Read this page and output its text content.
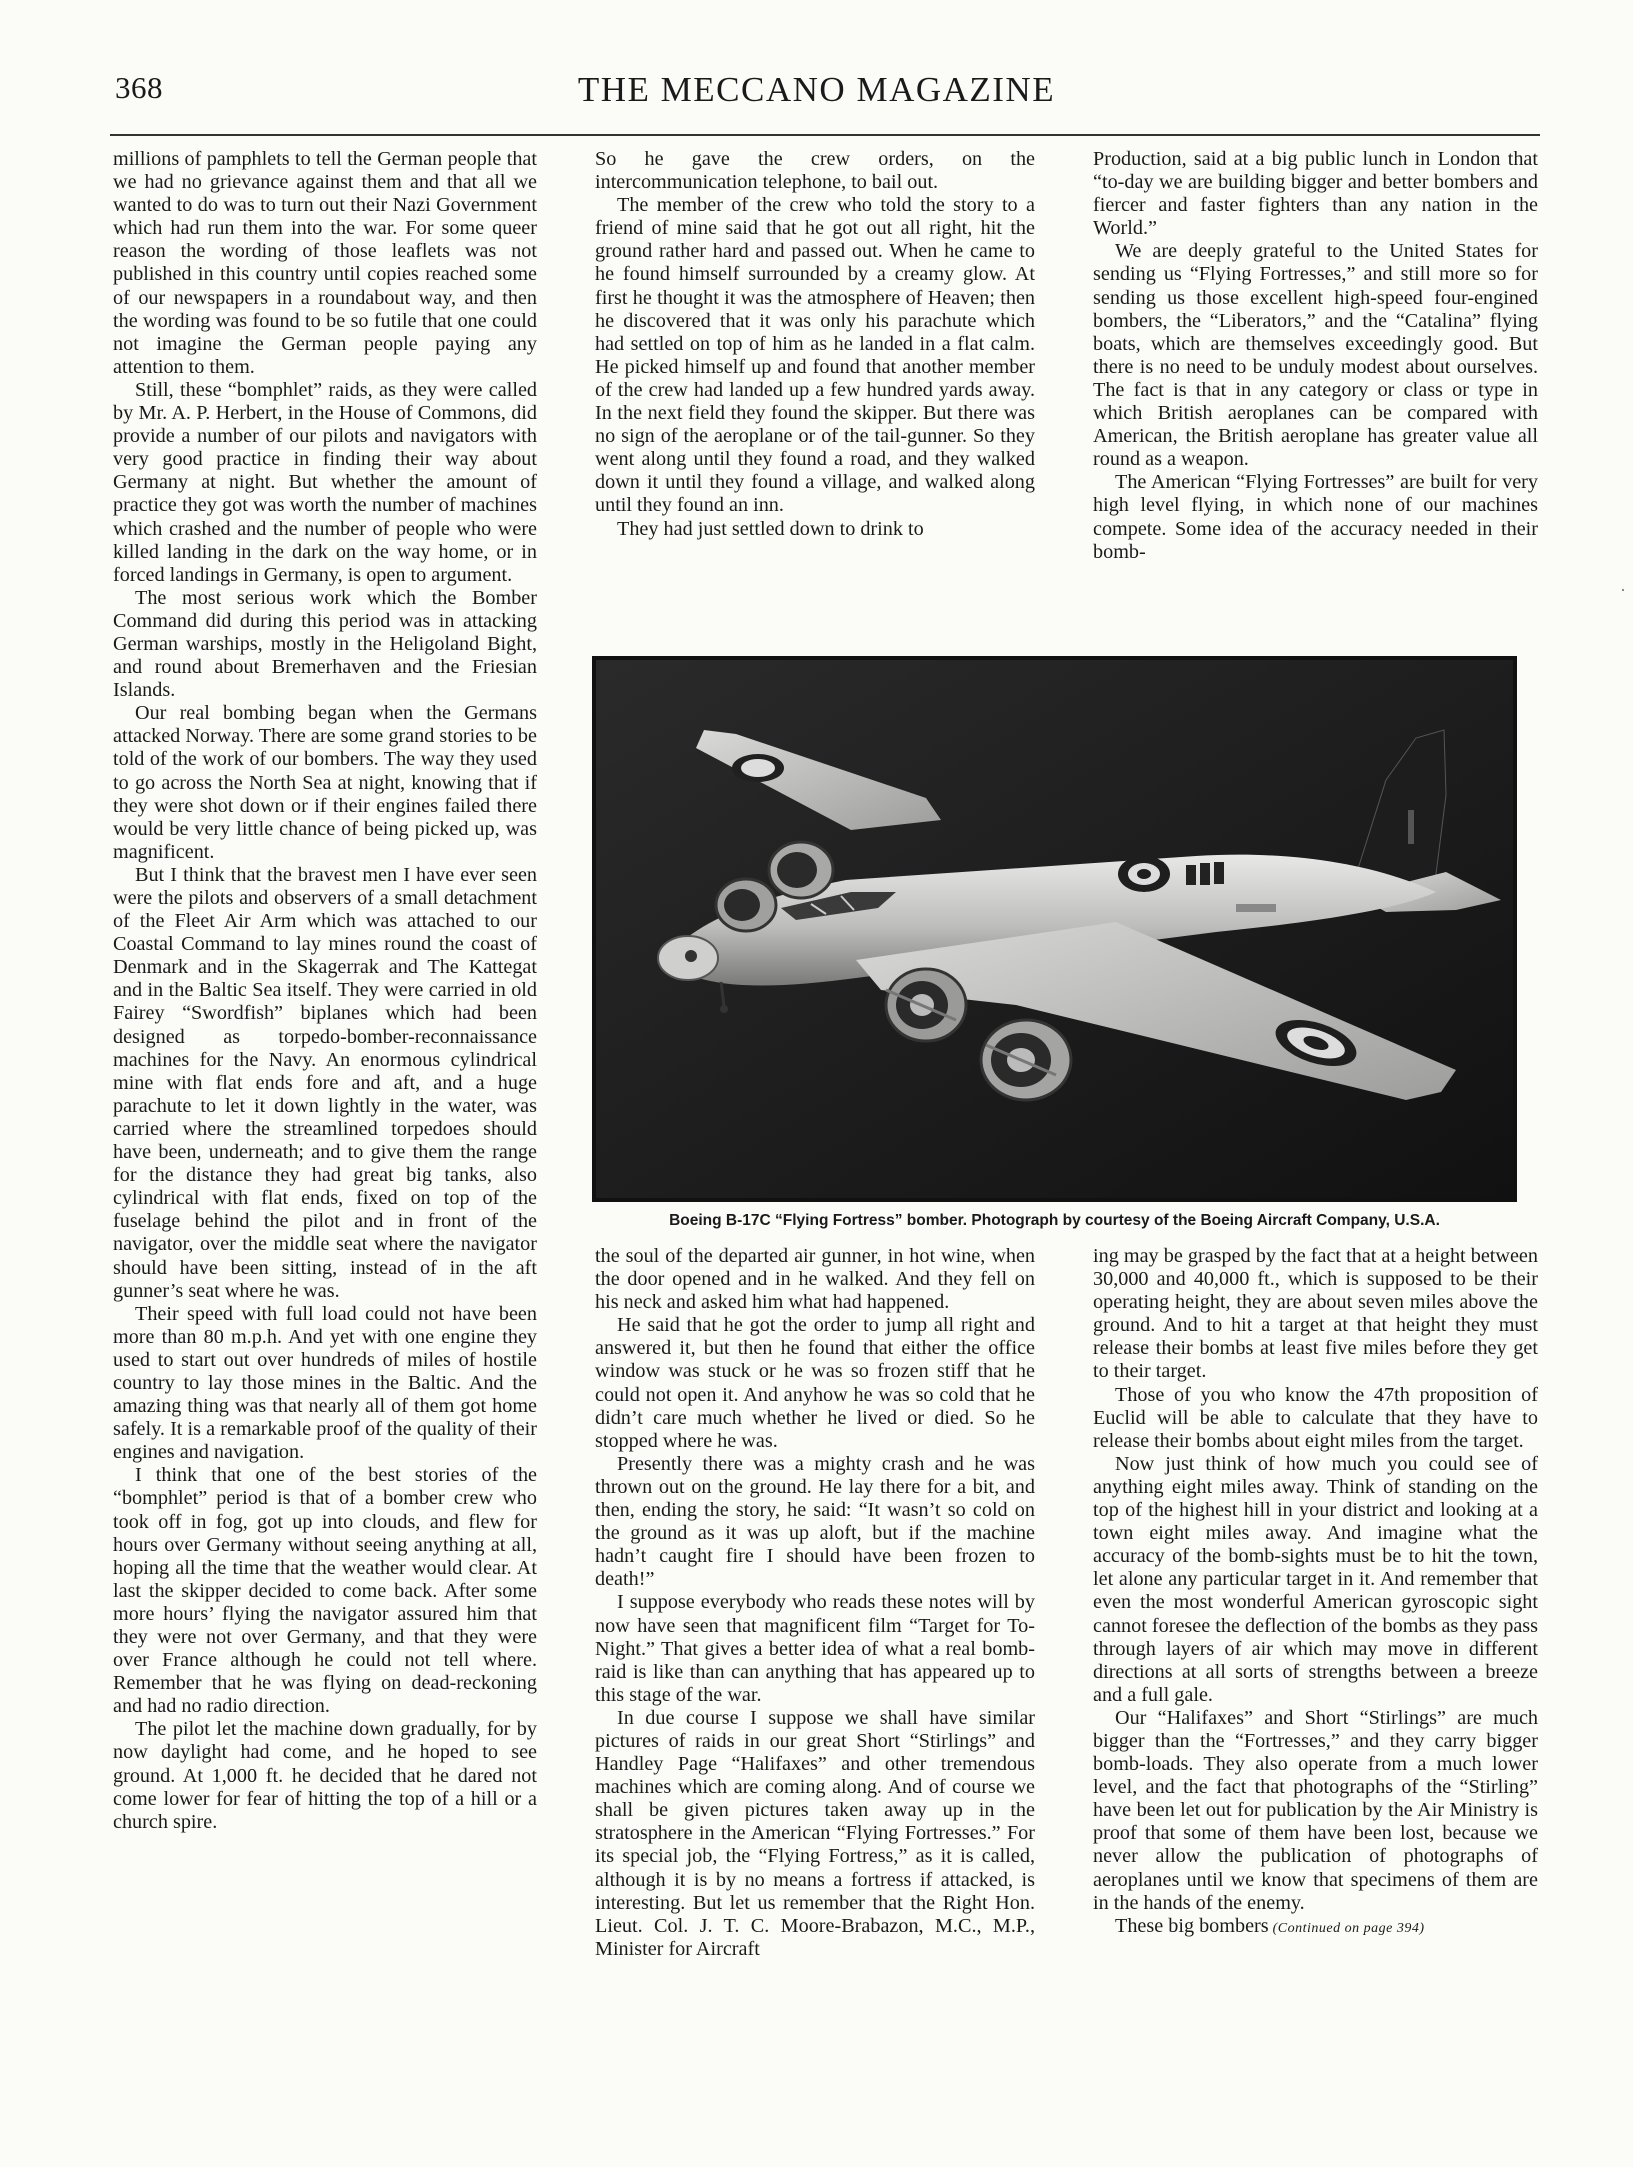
368	THE MECCANO MAGAZINE

millions of pamphlets to tell the German people that we had no grievance against them and that all we wanted to do was to turn out their Nazi Government which had run them into the war. For some queer reason the wording of those leaflets was not published in this country until copies reached some of our newspapers in a roundabout way, and then the wording was found to be so futile that one could not imagine the German people paying any attention to them.

Still, these “bomphlet” raids, as they were called by Mr. A. P. Herbert, in the House of Commons, did provide a number of our pilots and navigators with very good practice in finding their way about Germany at night. But whether the amount of practice they got was worth the number of machines which crashed and the number of people who were killed landing in the dark on the way home, or in forced landings in Germany, is open to argument.

The most serious work which the Bomber Command did during this period was in attacking German warships, mostly in the Heligoland Bight, and round about Bremerhaven and the Friesian Islands.

Our real bombing began when the Germans attacked Norway. There are some grand stories to be told of the work of our bombers. The way they used to go across the North Sea at night, knowing that if they were shot down or if their engines failed there would be very little chance of being picked up, was magnificent.

But I think that the bravest men I have ever seen were the pilots and observers of a small detachment of the Fleet Air Arm which was attached to our Coastal Command to lay mines round the coast of Denmark and in the Skagerrak and The Kattegat and in the Baltic Sea itself. They were carried in old Fairey “Swordfish” biplanes which had been designed as torpedo-bomber-reconnaissance machines for the Navy. An enormous cylindrical mine with flat ends fore and aft, and a huge parachute to let it down lightly in the water, was carried where the streamlined torpedoes should have been, underneath; and to give them the range for the distance they had great big tanks, also cylindrical with flat ends, fixed on top of the fuselage behind the pilot and in front of the navigator, over the middle seat where the navigator should have been sitting, instead of in the aft gunner’s seat where he was.

Their speed with full load could not have been more than 80 m.p.h. And yet with one engine they used to start out over hundreds of miles of hostile country to lay those mines in the Baltic. And the amazing thing was that nearly all of them got home safely. It is a remarkable proof of the quality of their engines and navigation.

I think that one of the best stories of the “bomphlet” period is that of a bomber crew who took off in fog, got up into clouds, and flew for hours over Germany without seeing anything at all, hoping all the time that the weather would clear. At last the skipper decided to come back. After some more hours’ flying the navigator assured him that they were not over Germany, and that they were over France although he could not tell where. Remember that he was flying on dead-reckoning and had no radio direction.

The pilot let the machine down gradually, for by now daylight had come, and he hoped to see ground. At 1,000 ft. he decided that he dared not come lower for fear of hitting the top of a hill or a church spire.

So he gave the crew orders, on the intercommunication telephone, to bail out.

The member of the crew who told the story to a friend of mine said that he got out all right, hit the ground rather hard and passed out. When he came to he found himself surrounded by a creamy glow. At first he thought it was the atmosphere of Heaven; then he discovered that it was only his parachute which had settled on top of him as he landed in a flat calm. He picked himself up and found that another member of the crew had landed up a few hundred yards away. In the next field they found the skipper. But there was no sign of the aeroplane or of the tail-gunner. So they went along until they found a road, and they walked down it until they found a village, and walked along until they found an inn.

They had just settled down to drink to

Production, said at a big public lunch in London that “to-day we are building bigger and better bombers and fiercer and faster fighters than any nation in the World.”

We are deeply grateful to the United States for sending us “Flying Fortresses,” and still more so for sending us those excellent high-speed four-engined bombers, the “Liberators,” and the “Catalina” flying boats, which are themselves exceedingly good. But there is no need to be unduly modest about ourselves. The fact is that in any category or class or type in which British aeroplanes can be compared with American, the British aeroplane has greater value all round as a weapon.

The American “Flying Fortresses” are built for very high level flying, in which none of our machines compete. Some idea of the accuracy needed in their bomb-

Boeing B-17C “Flying Fortress” bomber. Photograph by courtesy of the Boeing Aircraft Company, U.S.A.

the soul of the departed air gunner, in hot wine, when the door opened and in he walked. And they fell on his neck and asked him what had happened.

He said that he got the order to jump all right and answered it, but then he found that either the office window was stuck or he was so frozen stiff that he could not open it. And anyhow he was so cold that he didn’t care much whether he lived or died. So he stopped where he was.

Presently there was a mighty crash and he was thrown out on the ground. He lay there for a bit, and then, ending the story, he said: “It wasn’t so cold on the ground as it was up aloft, but if the machine hadn’t caught fire I should have been frozen to death!”

I suppose everybody who reads these notes will by now have seen that magnificent film “Target for To-Night.” That gives a better idea of what a real bomb-raid is like than can anything that has appeared up to this stage of the war.

In due course I suppose we shall have similar pictures of raids in our great Short “Stirlings” and Handley Page “Halifaxes” and other tremendous machines which are coming along. And of course we shall be given pictures taken away up in the stratosphere in the American “Flying Fortresses.” For its special job, the “Flying Fortress,” as it is called, although it is by no means a fortress if attacked, is interesting. But let us remember that the Right Hon. Lieut. Col. J. T. C. Moore-Brabazon, M.C., M.P., Minister for Aircraft

ing may be grasped by the fact that at a height between 30,000 and 40,000 ft., which is supposed to be their operating height, they are about seven miles above the ground. And to hit a target at that height they must release their bombs at least five miles before they get to their target.

Those of you who know the 47th proposition of Euclid will be able to calculate that they have to release their bombs about eight miles from the target.

Now just think of how much you could see of anything eight miles away. Think of standing on the top of the highest hill in your district and looking at a town eight miles away. And imagine what the accuracy of the bomb-sights must be to hit the town, let alone any particular target in it. And remember that even the most wonderful American gyroscopic sight cannot foresee the deflection of the bombs as they pass through layers of air which may move in different directions at all sorts of strengths between a breeze and a full gale.

Our “Halifaxes” and Short “Stirlings” are much bigger than the “Fortresses,” and they carry bigger bomb-loads. They also operate from a much lower level, and the fact that photographs of the “Stirling” have been let out for publication by the Air Ministry is proof that some of them have been lost, because we never allow the publication of photographs of aeroplanes until we know that specimens of them are in the hands of the enemy.

These big bombers (Continued on page 394)

·
